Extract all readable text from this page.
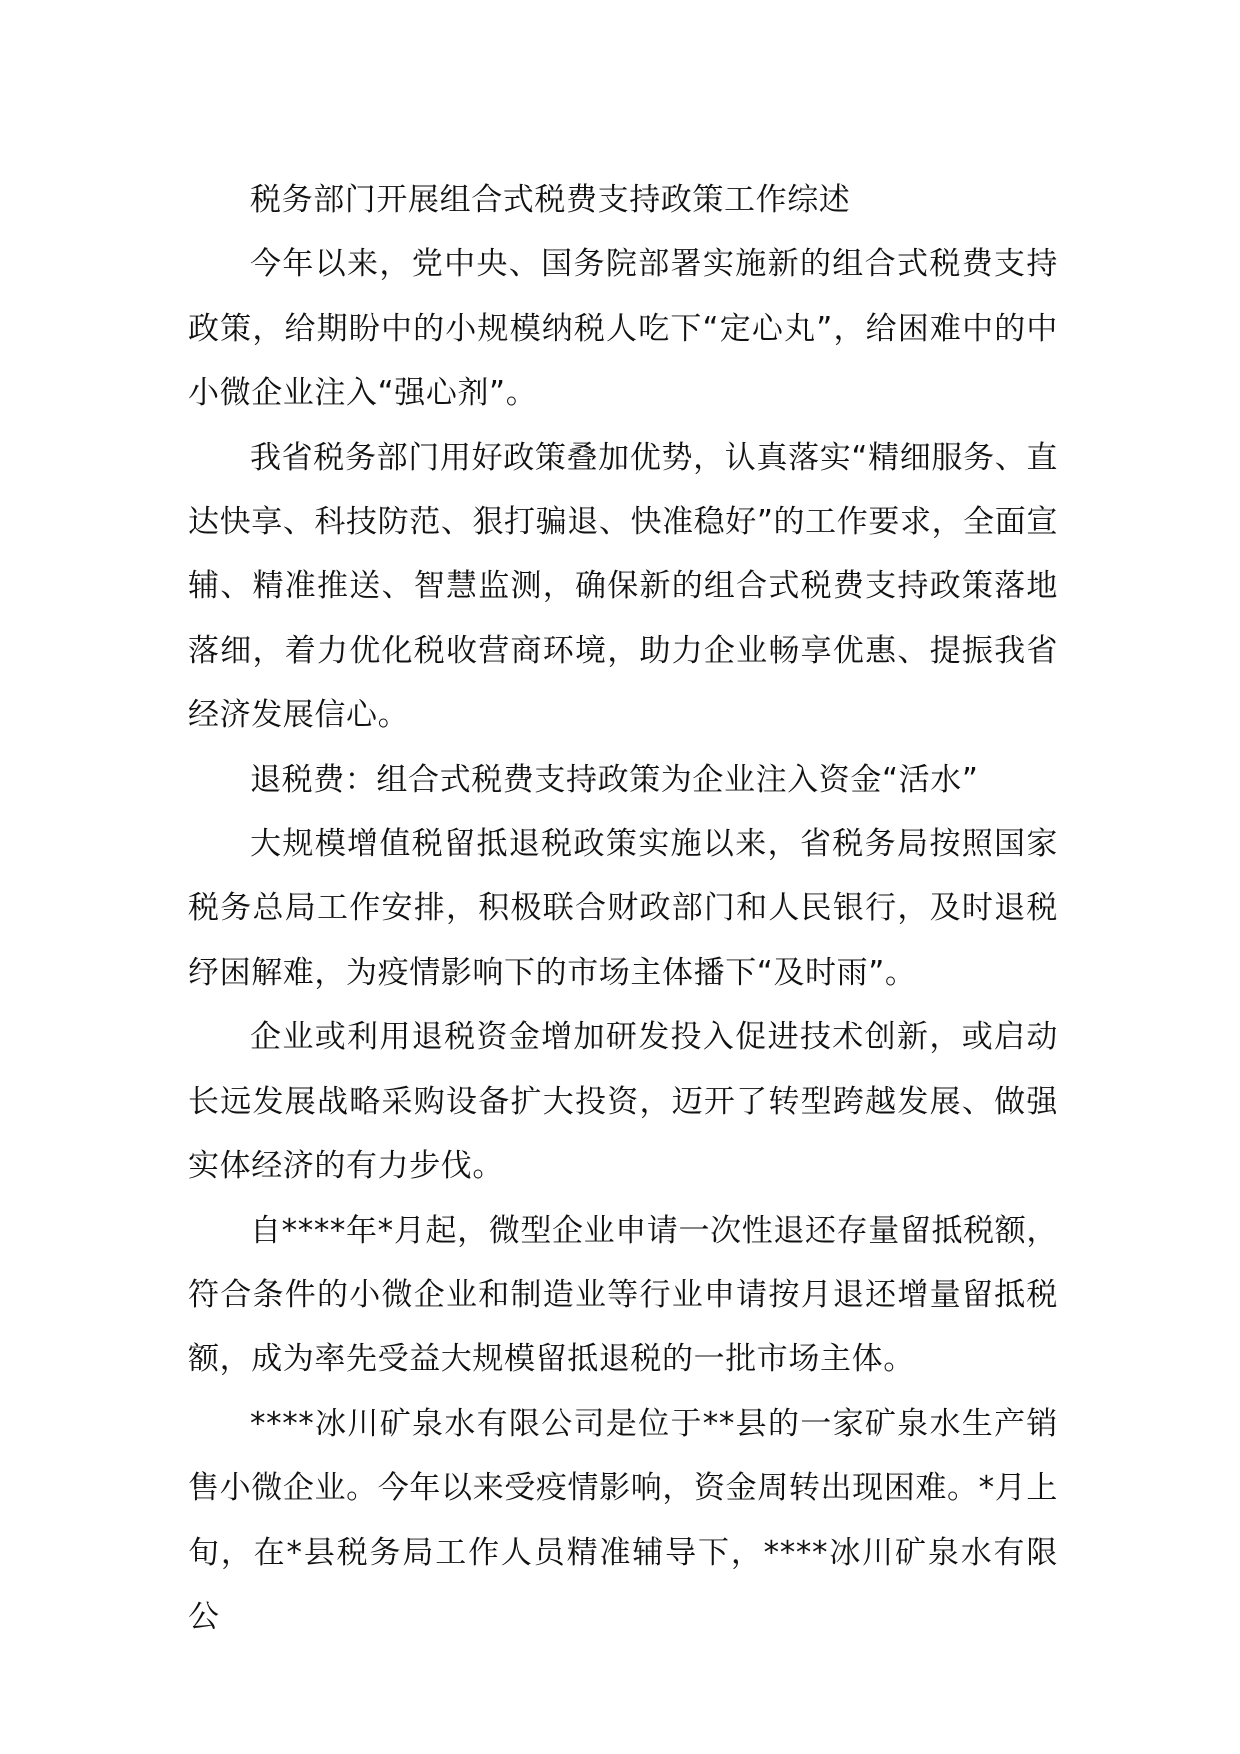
税务部门开展组合式税费支持政策工作综述

今年以来，党中央、国务院部署实施新的组合式税费支持政策，给期盼中的小规模纳税人吃下“定心丸”，给困难中的中小微企业注入“强心剂”。

我省税务部门用好政策叠加优势，认真落实“精细服务、直达快享、科技防范、狠打骗退、快准稳好”的工作要求，全面宣辅、精准推送、智慧监测，确保新的组合式税费支持政策落地落细，着力优化税收营商环境，助力企业畅享优惠、提振我省经济发展信心。

退税费：组合式税费支持政策为企业注入资金“活水”

大规模增值税留抵退税政策实施以来，省税务局按照国家税务总局工作安排，积极联合财政部门和人民银行，及时退税纾困解难，为疫情影响下的市场主体播下“及时雨”。

企业或利用退税资金增加研发投入促进技术创新，或启动长远发展战略采购设备扩大投资，迈开了转型跨越发展、做强实体经济的有力步伐。

自****年*月起，微型企业申请一次性退还存量留抵税额，符合条件的小微企业和制造业等行业申请按月退还增量留抵税额，成为率先受益大规模留抵退税的一批市场主体。

****冰川矿泉水有限公司是位于**县的一家矿泉水生产销售小微企业。今年以来受疫情影响，资金周转出现困难。*月上旬，在*县税务局工作人员精准辅导下，****冰川矿泉水有限公
